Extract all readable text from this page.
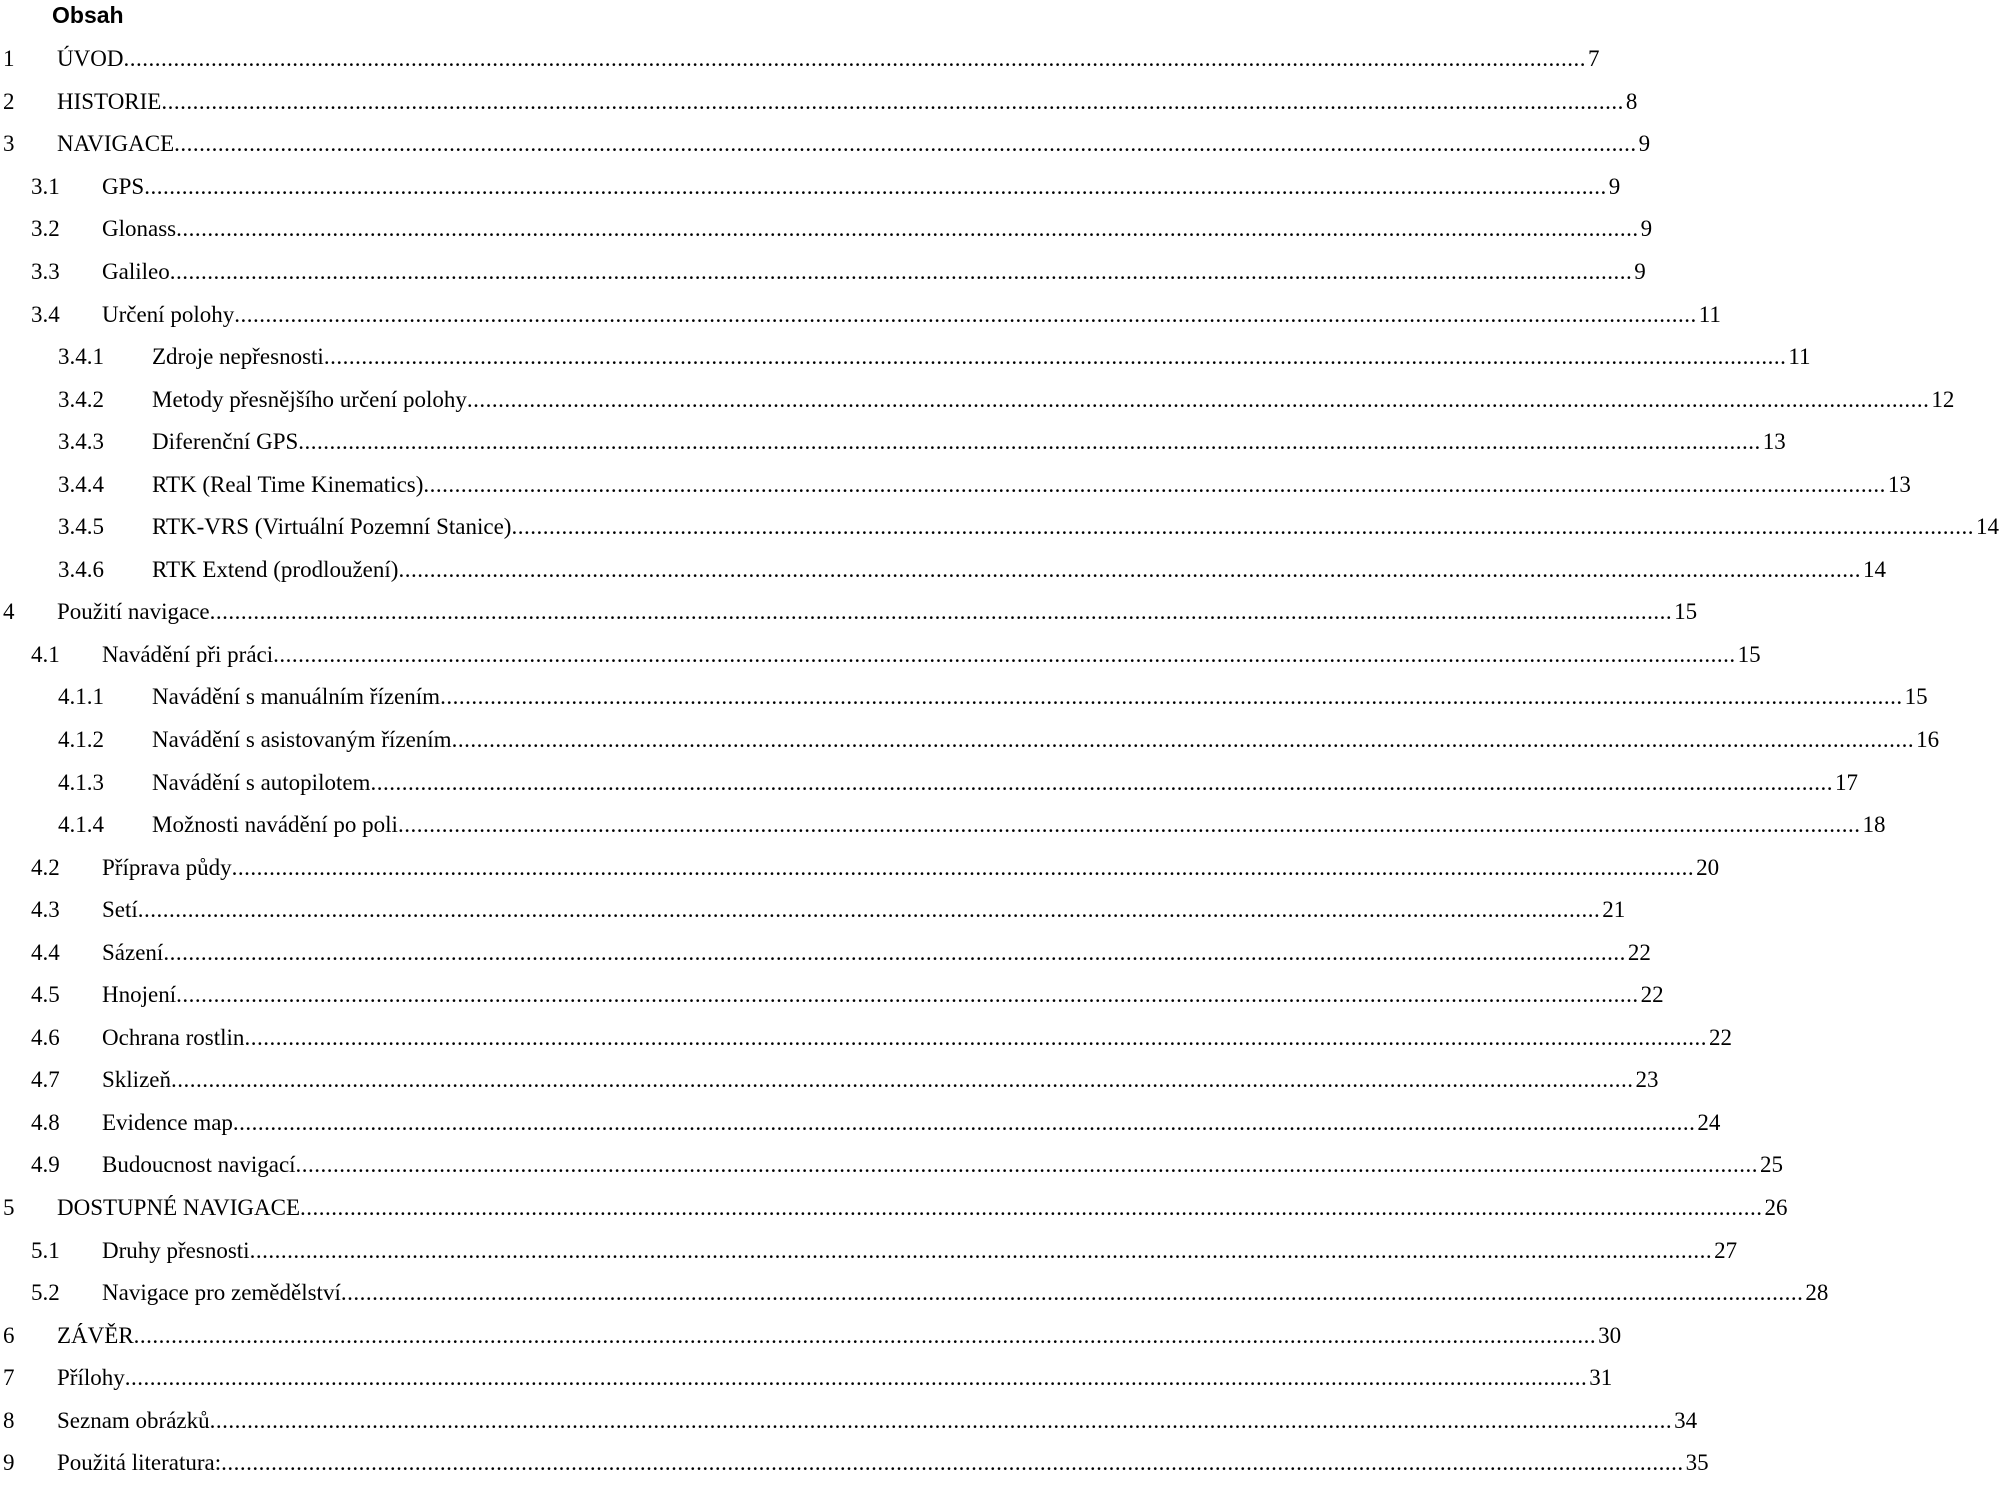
Obsah
1 ÚVOD .......................................................................................................................................................................................................................................... 7
2 HISTORIE .......................................................................................................................................................................................................................................... 8
3 NAVIGACE .......................................................................................................................................................................................................................................... 9
3.1 GPS .......................................................................................................................................................................................................................................... 9
3.2 Glonass .......................................................................................................................................................................................................................................... 9
3.3 Galileo .......................................................................................................................................................................................................................................... 9
3.4 Určení polohy .......................................................................................................................................................................................................................................... 11
3.4.1 Zdroje nepřesnosti .......................................................................................................................................................................................................................................... 11
3.4.2 Metody přesnějšího určení polohy .......................................................................................................................................................................................................................................... 12
3.4.3 Diferenční GPS .......................................................................................................................................................................................................................................... 13
3.4.4 RTK (Real Time Kinematics) .......................................................................................................................................................................................................................................... 13
3.4.5 RTK-VRS (Virtuální Pozemní Stanice) .......................................................................................................................................................................................................................................... 14
3.4.6 RTK Extend (prodloužení) .......................................................................................................................................................................................................................................... 14
4 Použití navigace .......................................................................................................................................................................................................................................... 15
4.1 Navádění při práci .......................................................................................................................................................................................................................................... 15
4.1.1 Navádění s manuálním řízením .......................................................................................................................................................................................................................................... 15
4.1.2 Navádění s asistovaným řízením .......................................................................................................................................................................................................................................... 16
4.1.3 Navádění s autopilotem .......................................................................................................................................................................................................................................... 17
4.1.4 Možnosti navádění po poli .......................................................................................................................................................................................................................................... 18
4.2 Příprava půdy .......................................................................................................................................................................................................................................... 20
4.3 Setí .......................................................................................................................................................................................................................................... 21
4.4 Sázení .......................................................................................................................................................................................................................................... 22
4.5 Hnojení .......................................................................................................................................................................................................................................... 22
4.6 Ochrana rostlin .......................................................................................................................................................................................................................................... 22
4.7 Sklizeň .......................................................................................................................................................................................................................................... 23
4.8 Evidence map .......................................................................................................................................................................................................................................... 24
4.9 Budoucnost navigací .......................................................................................................................................................................................................................................... 25
5 DOSTUPNÉ NAVIGACE .......................................................................................................................................................................................................................................... 26
5.1 Druhy přesnosti .......................................................................................................................................................................................................................................... 27
5.2 Navigace pro zemědělství .......................................................................................................................................................................................................................................... 28
6 ZÁVĚR .......................................................................................................................................................................................................................................... 30
7 Přílohy .......................................................................................................................................................................................................................................... 31
8 Seznam obrázků .......................................................................................................................................................................................................................................... 34
9 Použitá literatura: .......................................................................................................................................................................................................................................... 35
